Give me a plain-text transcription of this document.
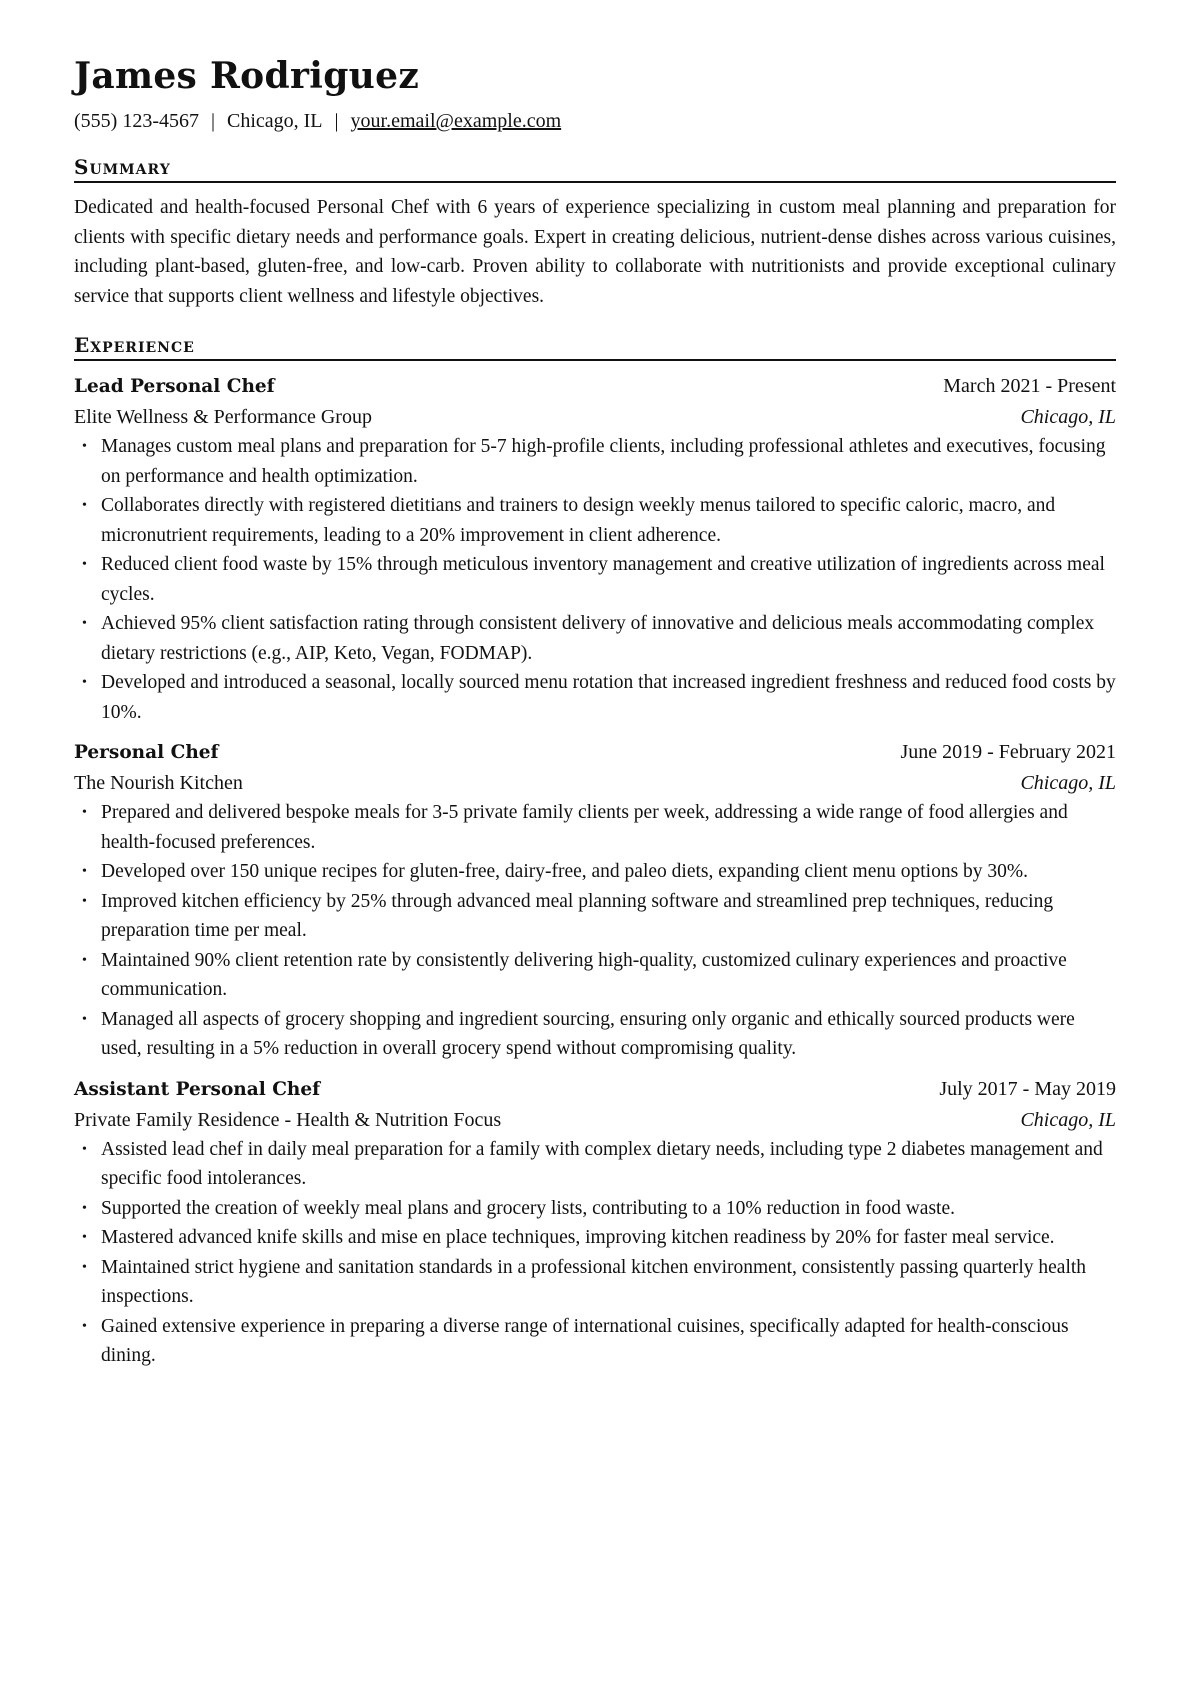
James Rodriguez
(555) 123-4567 | Chicago, IL | your.email@example.com
Summary
Dedicated and health-focused Personal Chef with 6 years of experience specializing in custom meal planning and preparation for clients with specific dietary needs and performance goals. Expert in creating delicious, nutrient-dense dishes across various cuisines, including plant-based, gluten-free, and low-carb. Proven ability to collaborate with nutritionists and provide exceptional culinary service that supports client wellness and lifestyle objectives.
Experience
Lead Personal Chef	March 2021 - Present
Elite Wellness & Performance Group	Chicago, IL
• Manages custom meal plans and preparation for 5-7 high-profile clients, including professional athletes and executives, focusing on performance and health optimization.
• Collaborates directly with registered dietitians and trainers to design weekly menus tailored to specific caloric, macro, and micronutrient requirements, leading to a 20% improvement in client adherence.
• Reduced client food waste by 15% through meticulous inventory management and creative utilization of ingredients across meal cycles.
• Achieved 95% client satisfaction rating through consistent delivery of innovative and delicious meals accommodating complex dietary restrictions (e.g., AIP, Keto, Vegan, FODMAP).
• Developed and introduced a seasonal, locally sourced menu rotation that increased ingredient freshness and reduced food costs by 10%.
Personal Chef	June 2019 - February 2021
The Nourish Kitchen	Chicago, IL
• Prepared and delivered bespoke meals for 3-5 private family clients per week, addressing a wide range of food allergies and health-focused preferences.
• Developed over 150 unique recipes for gluten-free, dairy-free, and paleo diets, expanding client menu options by 30%.
• Improved kitchen efficiency by 25% through advanced meal planning software and streamlined prep techniques, reducing preparation time per meal.
• Maintained 90% client retention rate by consistently delivering high-quality, customized culinary experiences and proactive communication.
• Managed all aspects of grocery shopping and ingredient sourcing, ensuring only organic and ethically sourced products were used, resulting in a 5% reduction in overall grocery spend without compromising quality.
Assistant Personal Chef	July 2017 - May 2019
Private Family Residence - Health & Nutrition Focus	Chicago, IL
• Assisted lead chef in daily meal preparation for a family with complex dietary needs, including type 2 diabetes management and specific food intolerances.
• Supported the creation of weekly meal plans and grocery lists, contributing to a 10% reduction in food waste.
• Mastered advanced knife skills and mise en place techniques, improving kitchen readiness by 20% for faster meal service.
• Maintained strict hygiene and sanitation standards in a professional kitchen environment, consistently passing quarterly health inspections.
• Gained extensive experience in preparing a diverse range of international cuisines, specifically adapted for health-conscious dining.
